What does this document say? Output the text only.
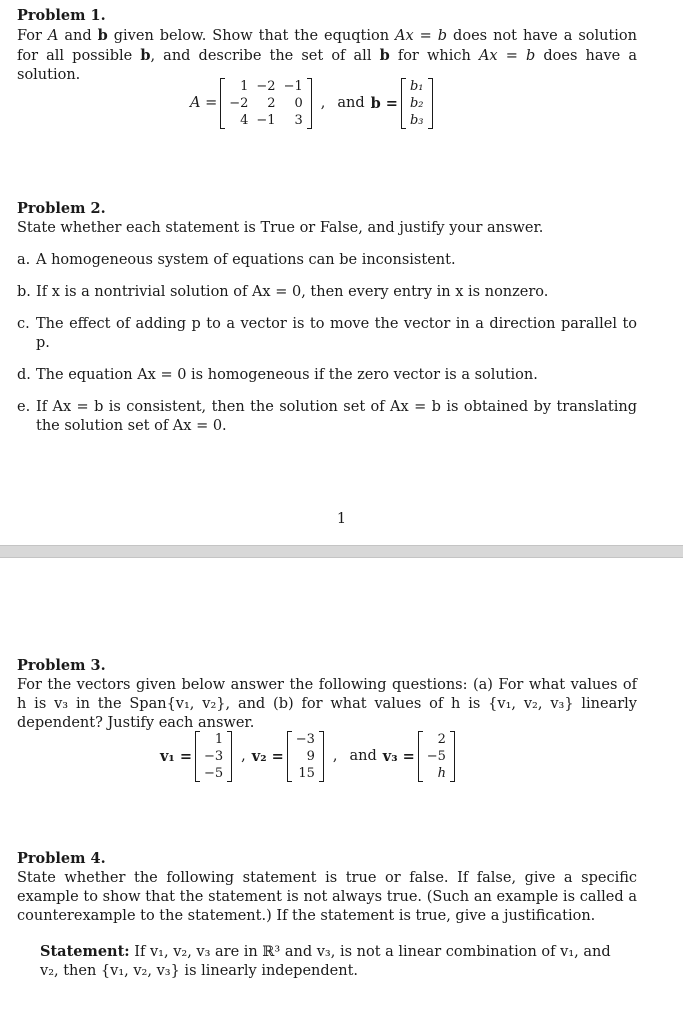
Problem 1.

For A and b given below. Show that the equqtion Ax = b does not have a solution for all possible b, and describe the set of all b for which Ax = b does have a solution.

A =
1 −2 −1
−2	2	0
4 −1	3
, and b =
b₁
b₂
b₃

Problem 2.

State whether each statement is True or False, and justify your answer.

a. A homogeneous system of equations can be inconsistent.
b. If x is a nontrivial solution of Ax = 0, then every entry in x is nonzero.
c. The effect of adding p to a vector is to move the vector in a direction parallel to p.
d. The equation Ax = 0 is homogeneous if the zero vector is a solution.
e. If Ax = b is consistent, then the solution set of Ax = b is obtained by translating the solution set of Ax = 0.
1

Problem 3.

For the vectors given below answer the following questions: (a) For what values of h is v₃ in the Span{v₁, v₂}, and (b) for what values of h is {v₁, v₂, v₃} linearly dependent? Justify each answer.

v₁ =
1
−3
−5
, v₂ =
−3
9
15
, and v₃ =
2
−5
h

Problem 4.

State whether the following statement is true or false. If false, give a specific example to show that the statement is not always true. (Such an example is called a counterexample to the statement.) If the statement is true, give a justification.

Statement: If v₁, v₂, v₃ are in ℝ³ and v₃, is not a linear combination of v₁, and v₂, then {v₁, v₂, v₃} is linearly independent.
